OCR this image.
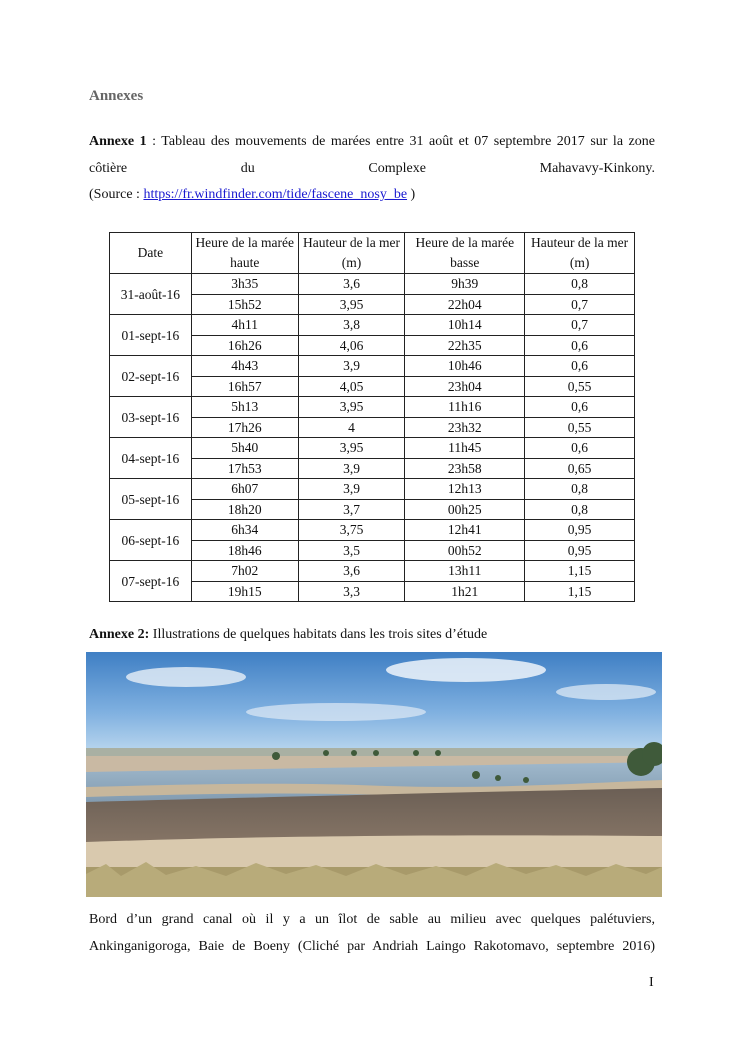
Annexes
Annexe 1 : Tableau des mouvements de marées entre 31 août et 07 septembre 2017 sur la zone côtière du Complexe Mahavavy-Kinkony.
(Source : https://fr.windfinder.com/tide/fascene_nosy_be )
Date	Heure de la marée haute	Hauteur de la mer (m)	Heure de la marée basse	Hauteur de la mer (m)
31-août-16	3h35	3,6	9h39	0,8
	15h52	3,95	22h04	0,7
01-sept-16	4h11	3,8	10h14	0,7
	16h26	4,06	22h35	0,6
02-sept-16	4h43	3,9	10h46	0,6
	16h57	4,05	23h04	0,55
03-sept-16	5h13	3,95	11h16	0,6
	17h26	4	23h32	0,55
04-sept-16	5h40	3,95	11h45	0,6
	17h53	3,9	23h58	0,65
05-sept-16	6h07	3,9	12h13	0,8
	18h20	3,7	00h25	0,8
06-sept-16	6h34	3,75	12h41	0,95
	18h46	3,5	00h52	0,95
07-sept-16	7h02	3,6	13h11	1,15
	19h15	3,3	1h21	1,15
Annexe 2: Illustrations de quelques habitats dans les trois sites d’étude
Bord d’un grand canal où il y a un îlot de sable au milieu avec quelques palétuviers, Ankinganigoroga, Baie de Boeny (Cliché par Andriah Laingo Rakotomavo, septembre 2016)
I
